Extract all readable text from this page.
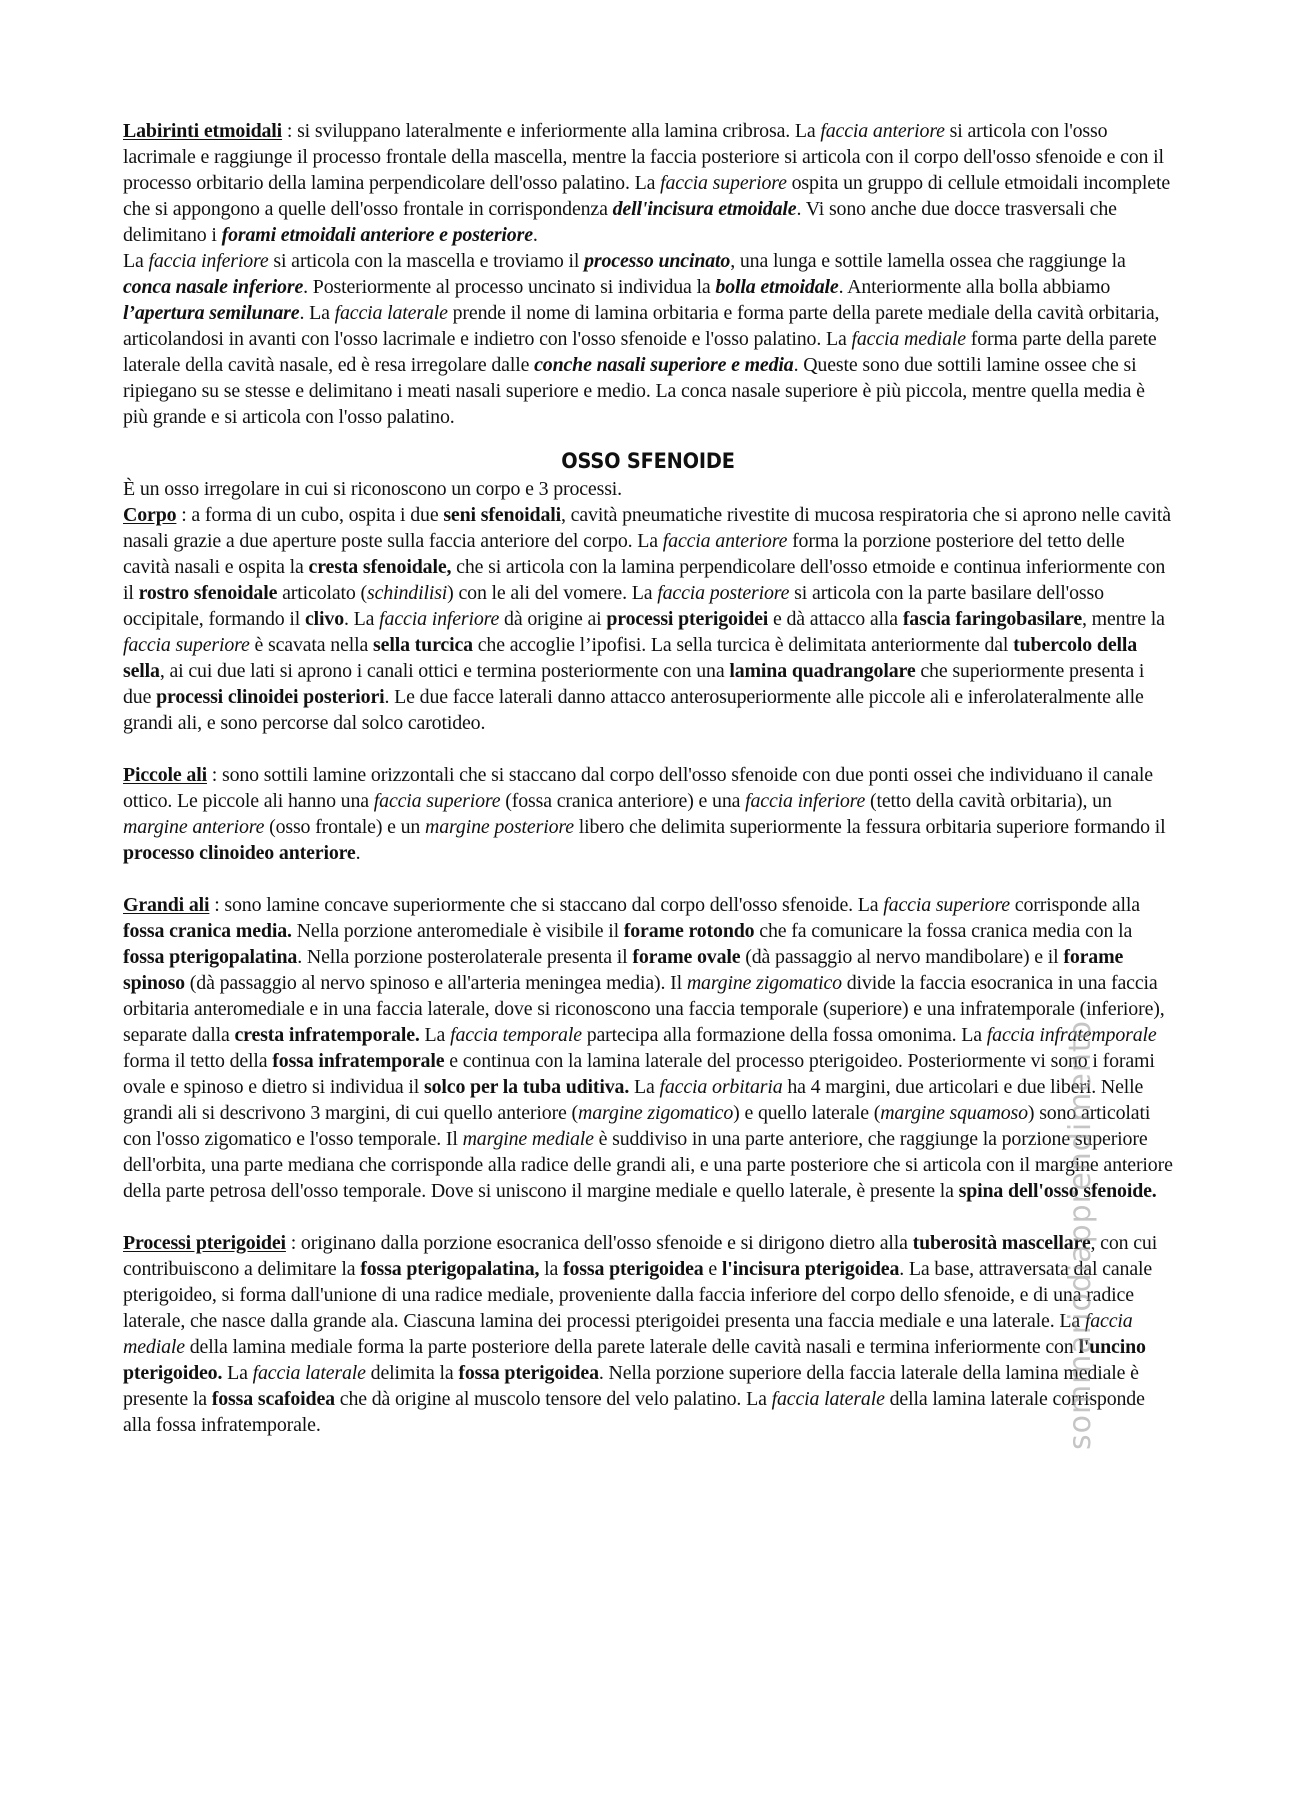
Labirinti etmoidali : si sviluppano lateralmente e inferiormente alla lamina cribrosa. La faccia anteriore si articola con l'osso lacrimale e raggiunge il processo frontale della mascella, mentre la faccia posteriore si articola con il corpo dell'osso sfenoide e con il processo orbitario della lamina perpendicolare dell'osso palatino. La faccia superiore ospita un gruppo di cellule etmoidali incomplete che si appongono a quelle dell'osso frontale in corrispondenza dell'incisura etmoidale. Vi sono anche due docce trasversali che delimitano i forami etmoidali anteriore e posteriore.

La faccia inferiore si articola con la mascella e troviamo il processo uncinato, una lunga e sottile lamella ossea che raggiunge la conca nasale inferiore. Posteriormente al processo uncinato si individua la bolla etmoidale. Anteriormente alla bolla abbiamo l’apertura semilunare. La faccia laterale prende il nome di lamina orbitaria e forma parte della parete mediale della cavità orbitaria, articolandosi in avanti con l'osso lacrimale e indietro con l'osso sfenoide e l'osso palatino. La faccia mediale forma parte della parete laterale della cavità nasale, ed è resa irregolare dalle conche nasali superiore e media. Queste sono due sottili lamine ossee che si ripiegano su se stesse e delimitano i meati nasali superiore e medio. La conca nasale superiore è più piccola, mentre quella media è più grande e si articola con l'osso palatino.

OSSO SFENOIDE

È un osso irregolare in cui si riconoscono un corpo e 3 processi.

Corpo : a forma di un cubo, ospita i due seni sfenoidali, cavità pneumatiche rivestite di mucosa respiratoria che si aprono nelle cavità nasali grazie a due aperture poste sulla faccia anteriore del corpo. La faccia anteriore forma la porzione posteriore del tetto delle cavità nasali e ospita la cresta sfenoidale, che si articola con la lamina perpendicolare dell'osso etmoide e continua inferiormente con il rostro sfenoidale articolato (schindilisi) con le ali del vomere. La faccia posteriore si articola con la parte basilare dell'osso occipitale, formando il clivo. La faccia inferiore dà origine ai processi pterigoidei e dà attacco alla fascia faringobasilare, mentre la faccia superiore è scavata nella sella turcica che accoglie l’ipofisi. La sella turcica è delimitata anteriormente dal tubercolo della sella, ai cui due lati si aprono i canali ottici e termina posteriormente con una lamina quadrangolare che superiormente presenta i due processi clinoidei posteriori. Le due facce laterali danno attacco anterosuperiormente alle piccole ali e inferolateralmente alle grandi ali, e sono percorse dal solco carotideo.

Piccole ali : sono sottili lamine orizzontali che si staccano dal corpo dell'osso sfenoide con due ponti ossei che individuano il canale ottico. Le piccole ali hanno una faccia superiore (fossa cranica anteriore) e una faccia inferiore (tetto della cavità orbitaria), un margine anteriore (osso frontale) e un margine posteriore libero che delimita superiormente la fessura orbitaria superiore formando il processo clinoideo anteriore.

Grandi ali : sono lamine concave superiormente che si staccano dal corpo dell'osso sfenoide. La faccia superiore corrisponde alla fossa cranica media. Nella porzione anteromediale è visibile il forame rotondo che fa comunicare la fossa cranica media con la fossa pterigopalatina. Nella porzione posterolaterale presenta il forame ovale (dà passaggio al nervo mandibolare) e il forame spinoso (dà passaggio al nervo spinoso e all'arteria meningea media). Il margine zigomatico divide la faccia esocranica in una faccia orbitaria anteromediale e in una faccia laterale, dove si riconoscono una faccia temporale (superiore) e una infratemporale (inferiore), separate dalla cresta infratemporale. La faccia temporale partecipa alla formazione della fossa omonima. La faccia infratemporale forma il tetto della fossa infratemporale e continua con la lamina laterale del processo pterigoideo. Posteriormente vi sono i forami ovale e spinoso e dietro si individua il solco per la tuba uditiva. La faccia orbitaria ha 4 margini, due articolari e due liberi. Nelle grandi ali si descrivono 3 margini, di cui quello anteriore (margine zigomatico) e quello laterale (margine squamoso) sono articolati con l'osso zigomatico e l'osso temporale. Il margine mediale è suddiviso in una parte anteriore, che raggiunge la porzione superiore dell'orbita, una parte mediana che corrisponde alla radice delle grandi ali, e una parte posteriore che si articola con il margine anteriore della parte petrosa dell'osso temporale. Dove si uniscono il margine mediale e quello laterale, è presente la spina dell'osso sfenoide.

Processi pterigoidei : originano dalla porzione esocranica dell'osso sfenoide e si dirigono dietro alla tuberosità mascellare, con cui contribuiscono a delimitare la fossa pterigopalatina, la fossa pterigoidea e l'incisura pterigoidea. La base, attraversata dal canale pterigoideo, si forma dall'unione di una radice mediale, proveniente dalla faccia inferiore del corpo dello sfenoide, e di una radice laterale, che nasce dalla grande ala. Ciascuna lamina dei processi pterigoidei presenta una faccia mediale e una laterale. La faccia mediale della lamina mediale forma la parte posteriore della parete laterale delle cavità nasali e termina inferiormente con l'uncino pterigoideo. La faccia laterale delimita la fossa pterigoidea. Nella porzione superiore della faccia laterale della lamina mediale è presente la fossa scafoidea che dà origine al muscolo tensore del velo palatino. La faccia laterale della lamina laterale corrisponde alla fossa infratemporale.	sommariodiapprendimento
